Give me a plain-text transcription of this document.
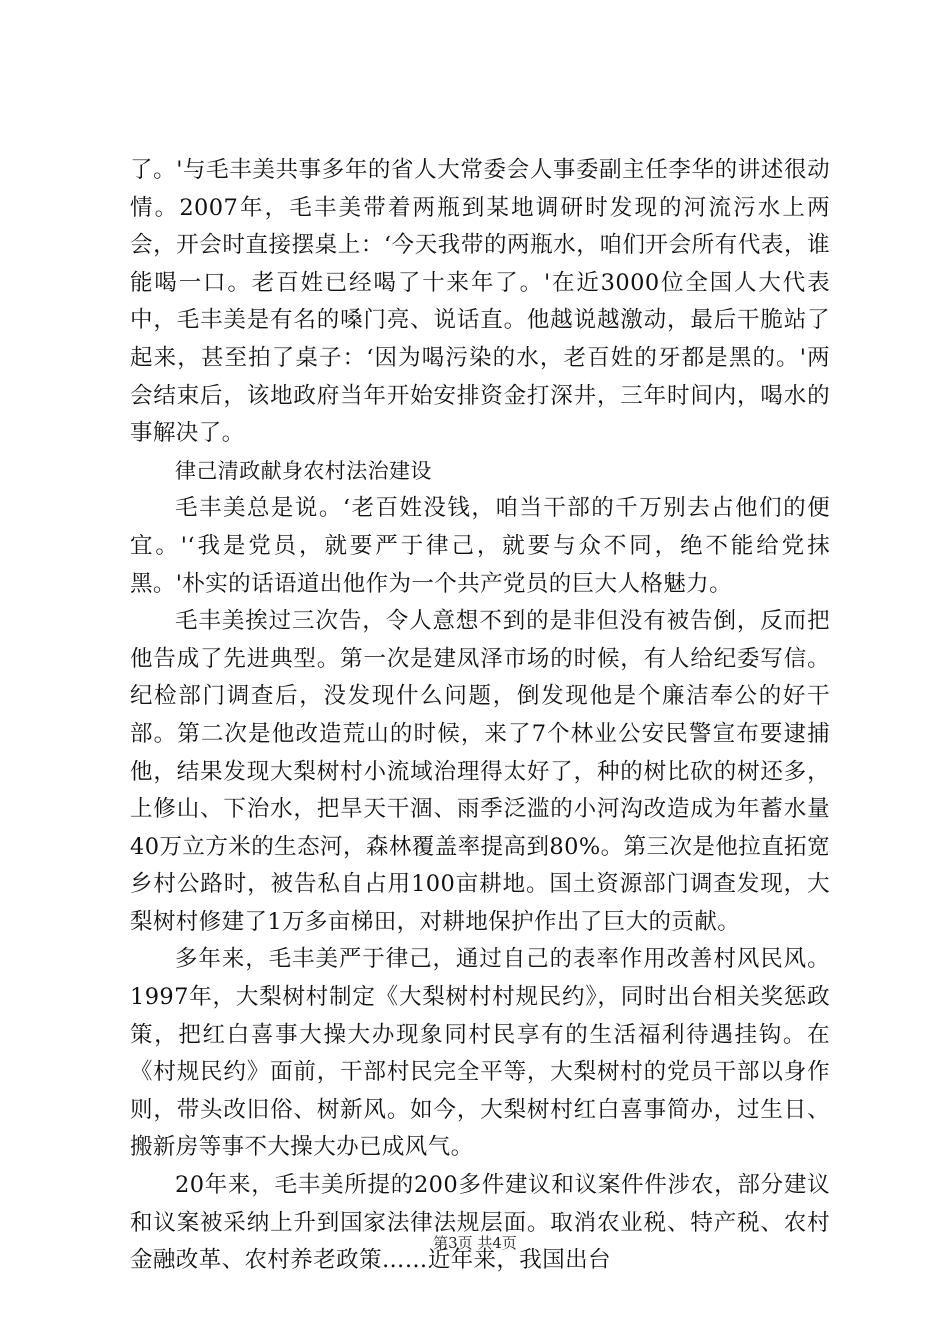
了。'与毛丰美共事多年的省人大常委会人事委副主任李华的讲述很动情。2007年，毛丰美带着两瓶到某地调研时发现的河流污水上两会，开会时直接摆桌上：‘今天我带的两瓶水，咱们开会所有代表，谁能喝一口。老百姓已经喝了十来年了。'在近3000位全国人大代表中，毛丰美是有名的嗓门亮、说话直。他越说越激动，最后干脆站了起来，甚至拍了桌子：‘因为喝污染的水，老百姓的牙都是黑的。'两会结束后，该地政府当年开始安排资金打深井，三年时间内，喝水的事解决了。

律己清政献身农村法治建设

毛丰美总是说。‘老百姓没钱，咱当干部的千万别去占他们的便宜。'‘我是党员，就要严于律己，就要与众不同，绝不能给党抹黑。'朴实的话语道出他作为一个共产党员的巨大人格魅力。

毛丰美挨过三次告，令人意想不到的是非但没有被告倒，反而把他告成了先进典型。第一次是建凤泽市场的时候，有人给纪委写信。纪检部门调查后，没发现什么问题，倒发现他是个廉洁奉公的好干部。第二次是他改造荒山的时候，来了7个林业公安民警宣布要逮捕他，结果发现大梨树村小流域治理得太好了，种的树比砍的树还多，上修山、下治水，把旱天干涸、雨季泛滥的小河沟改造成为年蓄水量40万立方米的生态河，森林覆盖率提高到80%。第三次是他拉直拓宽乡村公路时，被告私自占用100亩耕地。国土资源部门调查发现，大梨树村修建了1万多亩梯田，对耕地保护作出了巨大的贡献。

多年来，毛丰美严于律己，通过自己的表率作用改善村风民风。1997年，大梨树村制定《大梨树村村规民约》，同时出台相关奖惩政策，把红白喜事大操大办现象同村民享有的生活福利待遇挂钩。在《村规民约》面前，干部村民完全平等，大梨树村的党员干部以身作则，带头改旧俗、树新风。如今，大梨树村红白喜事简办，过生日、搬新房等事不大操大办已成风气。

20年来，毛丰美所提的200多件建议和议案件件涉农，部分建议和议案被采纳上升到国家法律法规层面。取消农业税、特产税、农村金融改革、农村养老政策……近年来，我国出台

第3页 共4页
